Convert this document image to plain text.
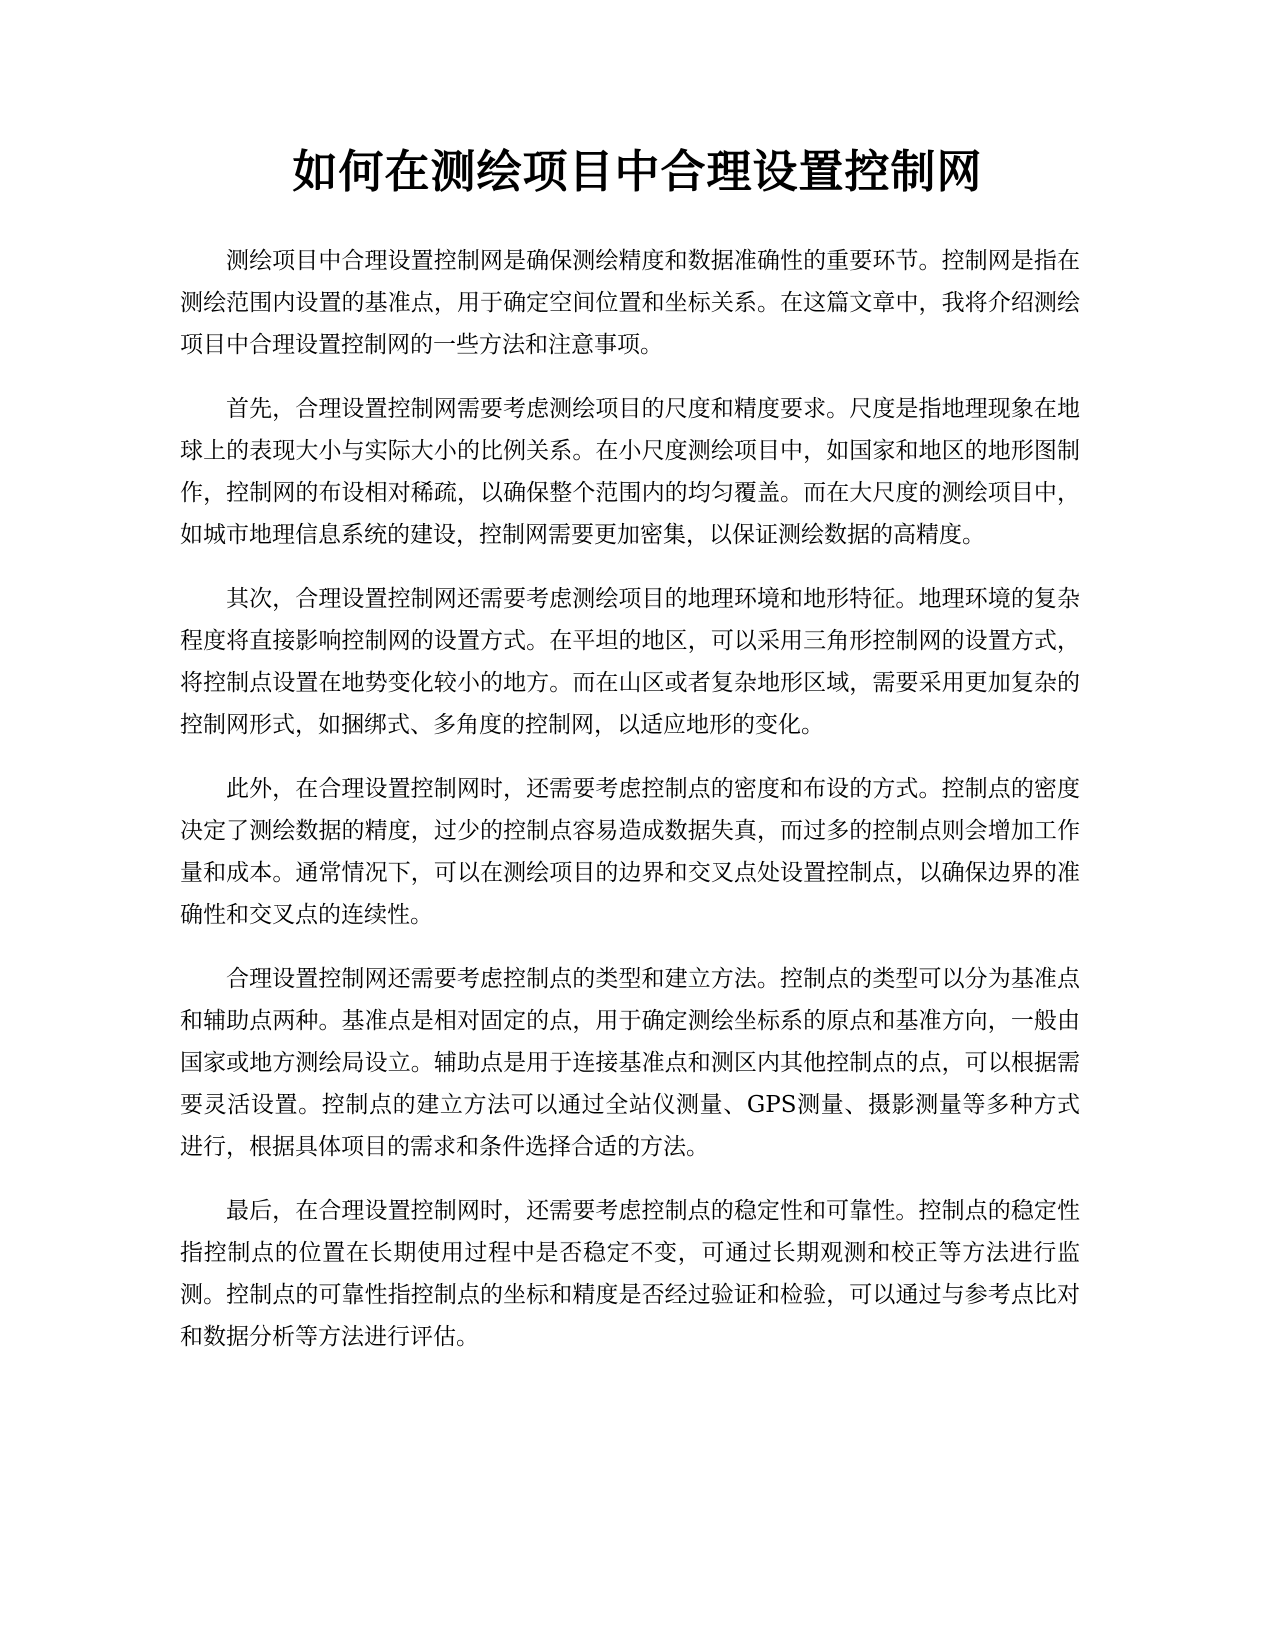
如何在测绘项目中合理设置控制网

测绘项目中合理设置控制网是确保测绘精度和数据准确性的重要环节。控制网是指在测绘范围内设置的基准点，用于确定空间位置和坐标关系。在这篇文章中，我将介绍测绘项目中合理设置控制网的一些方法和注意事项。

首先，合理设置控制网需要考虑测绘项目的尺度和精度要求。尺度是指地理现象在地球上的表现大小与实际大小的比例关系。在小尺度测绘项目中，如国家和地区的地形图制作，控制网的布设相对稀疏，以确保整个范围内的均匀覆盖。而在大尺度的测绘项目中，如城市地理信息系统的建设，控制网需要更加密集，以保证测绘数据的高精度。

其次，合理设置控制网还需要考虑测绘项目的地理环境和地形特征。地理环境的复杂程度将直接影响控制网的设置方式。在平坦的地区，可以采用三角形控制网的设置方式，将控制点设置在地势变化较小的地方。而在山区或者复杂地形区域，需要采用更加复杂的控制网形式，如捆绑式、多角度的控制网，以适应地形的变化。

此外，在合理设置控制网时，还需要考虑控制点的密度和布设的方式。控制点的密度决定了测绘数据的精度，过少的控制点容易造成数据失真，而过多的控制点则会增加工作量和成本。通常情况下，可以在测绘项目的边界和交叉点处设置控制点，以确保边界的准确性和交叉点的连续性。

合理设置控制网还需要考虑控制点的类型和建立方法。控制点的类型可以分为基准点和辅助点两种。基准点是相对固定的点，用于确定测绘坐标系的原点和基准方向，一般由国家或地方测绘局设立。辅助点是用于连接基准点和测区内其他控制点的点，可以根据需要灵活设置。控制点的建立方法可以通过全站仪测量、GPS测量、摄影测量等多种方式进行，根据具体项目的需求和条件选择合适的方法。

最后，在合理设置控制网时，还需要考虑控制点的稳定性和可靠性。控制点的稳定性指控制点的位置在长期使用过程中是否稳定不变，可通过长期观测和校正等方法进行监测。控制点的可靠性指控制点的坐标和精度是否经过验证和检验，可以通过与参考点比对和数据分析等方法进行评估。
